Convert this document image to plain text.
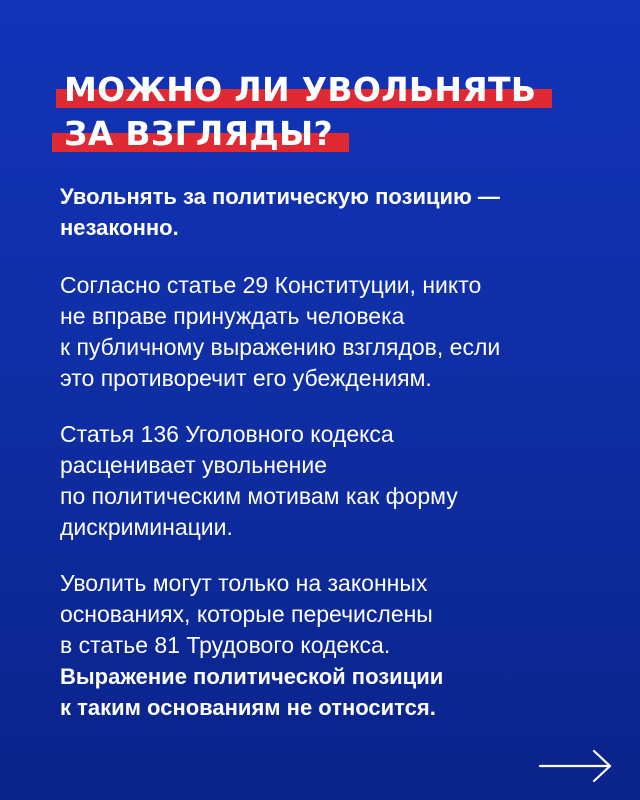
МОЖНО ЛИ УВОЛЬНЯТЬ
ЗА ВЗГЛЯДЫ?

Увольнять за политическую позицию —
незаконно.

Согласно статье 29 Конституции, никто
не вправе принуждать человека
к публичному выражению взглядов, если
это противоречит его убеждениям.

Статья 136 Уголовного кодекса
расценивает увольнение
по политическим мотивам как форму
дискриминации.

Уволить могут только на законных
основаниях, которые перечислены
в статье 81 Трудового кодекса.
Выражение политической позиции
к таким основаниям не относится.
